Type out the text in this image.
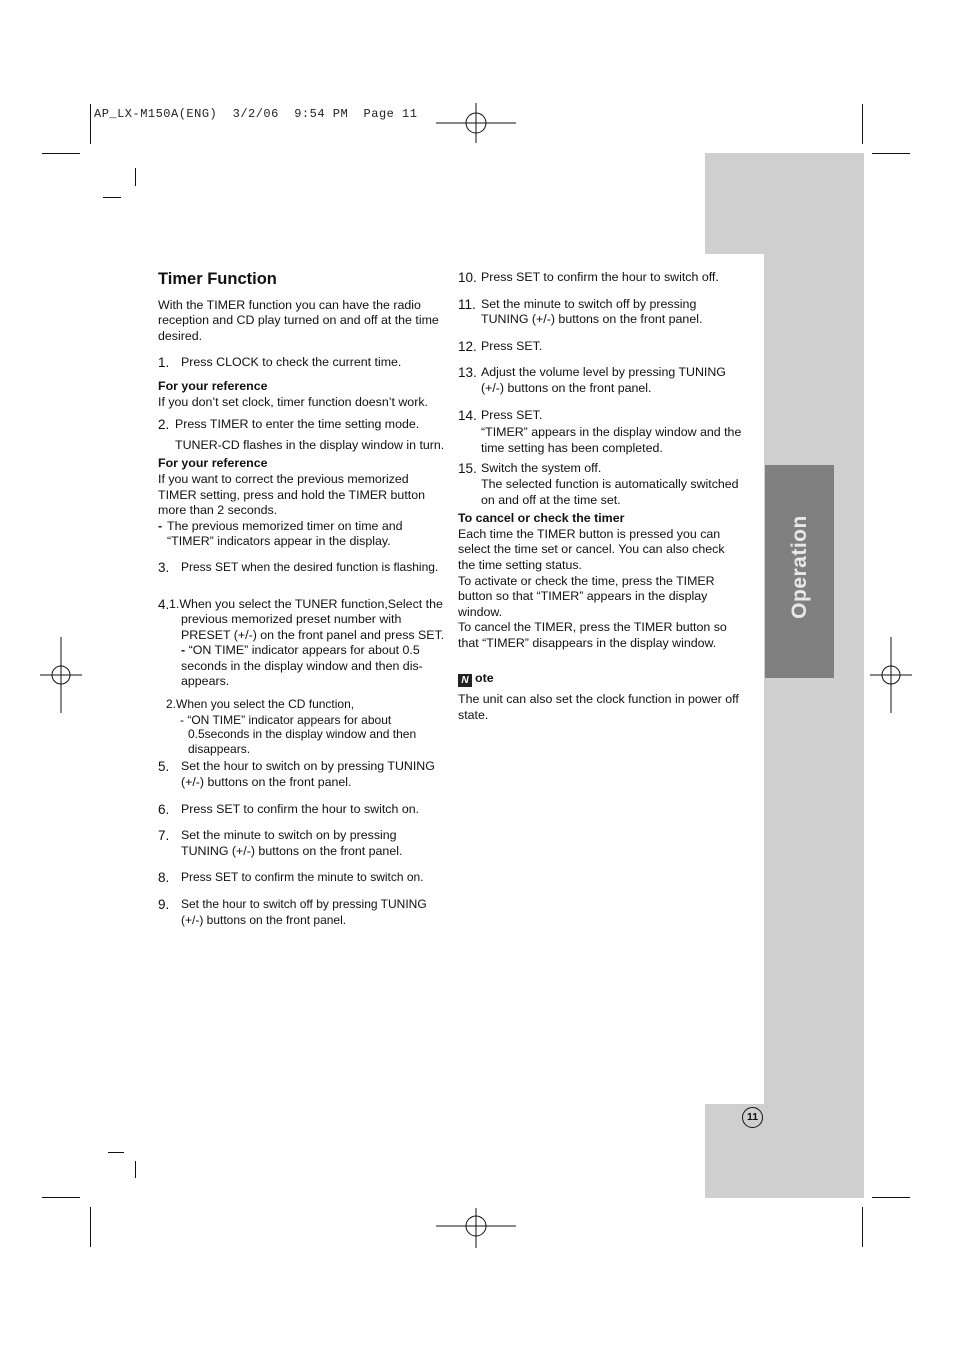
AP_LX-M150A(ENG)  3/2/06  9:54 PM  Page 11
Operation
11
Timer Function
With the TIMER function you can have the radio reception and CD play turned on and off at the time desired.
1. Press CLOCK to check the current time.
For your reference
If you don’t set clock, timer function doesn’t work.
2. Press TIMER to enter the time setting mode.
TUNER-CD flashes in the display window in turn.
For your reference
If you want to correct the previous memorized TIMER setting, press and hold the TIMER button more than 2 seconds.
- The previous memorized timer on time and “TIMER” indicators appear in the display.
3. Press SET when the desired function is flashing.
4. 1.When you select the TUNER function,Select the previous memorized preset number with PRESET (+/-) on the front panel and press SET.
- “ON TIME” indicator appears for about 0.5 seconds in the display window and then dis-appears.
2.When you select the CD function,
- “ON TIME” indicator appears for about 0.5seconds in the display window and then disappears.
5. Set the hour to switch on by pressing TUNING (+/-) buttons on the front panel.
6. Press SET to confirm the hour to switch on.
7. Set the minute to switch on by pressing TUNING (+/-) buttons on the front panel.
8. Press SET to confirm the minute to switch on.
9. Set the hour to switch off by pressing TUNING (+/-) buttons on the front panel.
10. Press SET to confirm the hour to switch off.
11. Set the minute to switch off by pressing TUNING (+/-) buttons on the front panel.
12. Press SET.
13. Adjust the volume level by pressing TUNING (+/-) buttons on the front panel.
14. Press SET.
“TIMER” appears in the display window and the time setting has been completed.
15. Switch the system off.
The selected function is automatically switched on and off at the time set.
To cancel or check the timer
Each time the TIMER button is pressed you can select the time set or cancel. You can also check the time setting status.
To activate or check the time, press the TIMER button so that “TIMER” appears in the display window.
To cancel the TIMER, press the TIMER button so that “TIMER” disappears in the display window.
N ote
The unit can also set the clock function in power off state.
